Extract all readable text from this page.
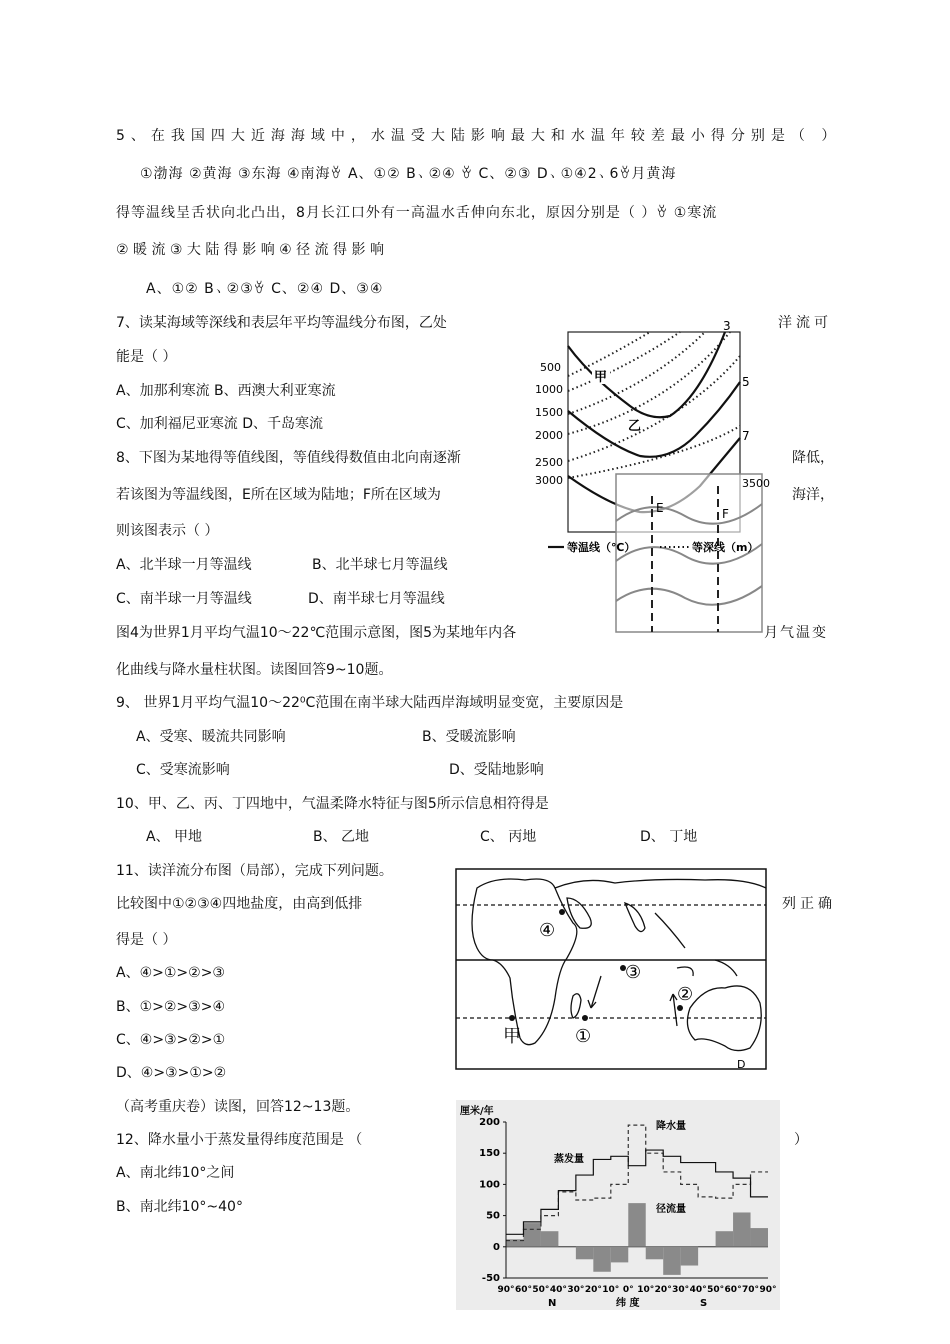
5、在我国四大近海海域中，水温受大陆影响最大和水温年较差最小得分别是（ ）
①渤海 ②黄海 ③东海 ④南海ꈊ A、①② B、②④ ꈊ C、②③ D、①④2、6ꈊ月黄海
得等温线呈舌状向北凸出，8月长江口外有一高温水舌伸向东北，原因分别是（ ）ꈊ ①寒流
② 暖 流 ③ 大 陆 得 影 响 ④ 径 流 得 影 响
A、①② B、②③ꈊ C、②④ D、③④
7、读某海域等深线和表层年平均等温线分布图，乙处	洋流可
能是（ ）
A、加那利寒流 B、西澳大利亚寒流
C、加利福尼亚寒流 D、千岛寒流
8、下图为某地得等值线图，等值线得数值由北向南逐渐	降低，
若该图为等温线图，E所在区域为陆地；F所在区域为	海洋，
则该图表示（ ）
A、北半球一月等温线	B、北半球七月等温线
C、南半球一月等温线	D、南半球七月等温线
图4为世界1月平均气温10～22℃范围示意图，图5为某地年内各	月气温变
化曲线与降水量柱状图。读图回答9~10题。
9、 世界1月平均气温10～22⁰C范围在南半球大陆西岸海域明显变宽，主要原因是
A、受寒、暖流共同影响	B、受暖流影响
C、受寒流影响	D、受陆地影响
10、甲、乙、丙、丁四地中，气温柔降水特征与图5所示信息相符得是
A、 甲地	B、 乙地	C、 丙地	D、 丁地
11、读洋流分布图（局部），完成下列问题。
比较图中①②③④四地盐度，由高到低排	列正确
得是（ ）
A、④>①>②>③
B、①>②>③>④
C、④>③>②>①
D、④>③>①>②
（高考重庆卷）读图，回答12~13题。
12、降水量小于蒸发量得纬度范围是 （	）
A、南北纬10°之间
B、南北纬10°~40°
500
1000
1500
2000
2500
3000	3500
3
5
7
甲
乙
E	F
等温线（℃）	等深线（m）
④
③
②
①
甲
D
厘米/年
200
150
100
50
0
-50
90° 60° 50° 40° 30° 20° 10° 0° 10° 20° 30° 40° 50° 60° 70° 90°
降水量
蒸发量
径流量
N	纬 度	S
